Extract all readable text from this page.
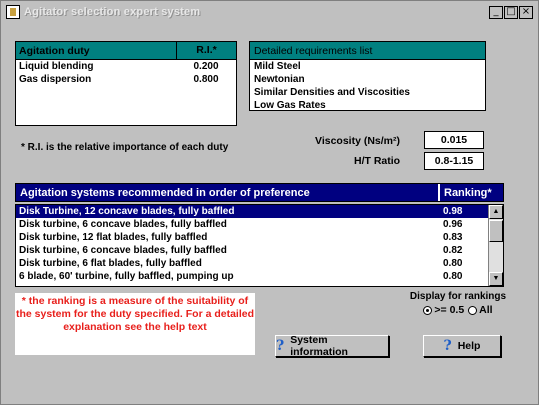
Agitator selection expert system	_ □ ×
Agitation duty	R.I.*
Liquid blending	0.200
Gas dispersion	0.800
Detailed requirements list
Mild Steel
Newtonian
Similar Densities and Viscosities
Low Gas Rates
* R.I. is the relative importance of each duty
Viscosity (Ns/m²)	0.015
H/T Ratio	0.8-1.15
Agitation systems recommended in order of preference	Ranking*
Disk Turbine, 12 concave blades, fully baffled	0.98
Disk turbine, 6 concave blades, fully baffled	0.96
Disk turbine, 12 flat blades, fully baffled	0.83
Disk turbine, 6 concave blades, fully baffled	0.82
Disk turbine, 6 flat blades, fully baffled	0.80
6 blade, 60' turbine, fully baffled, pumping up	0.80
▲
▼
* the ranking is a measure of the suitability of the system for the duty specified. For a detailed explanation see the help text
Display for rankings
>= 0.5	All
? System information	? Help
